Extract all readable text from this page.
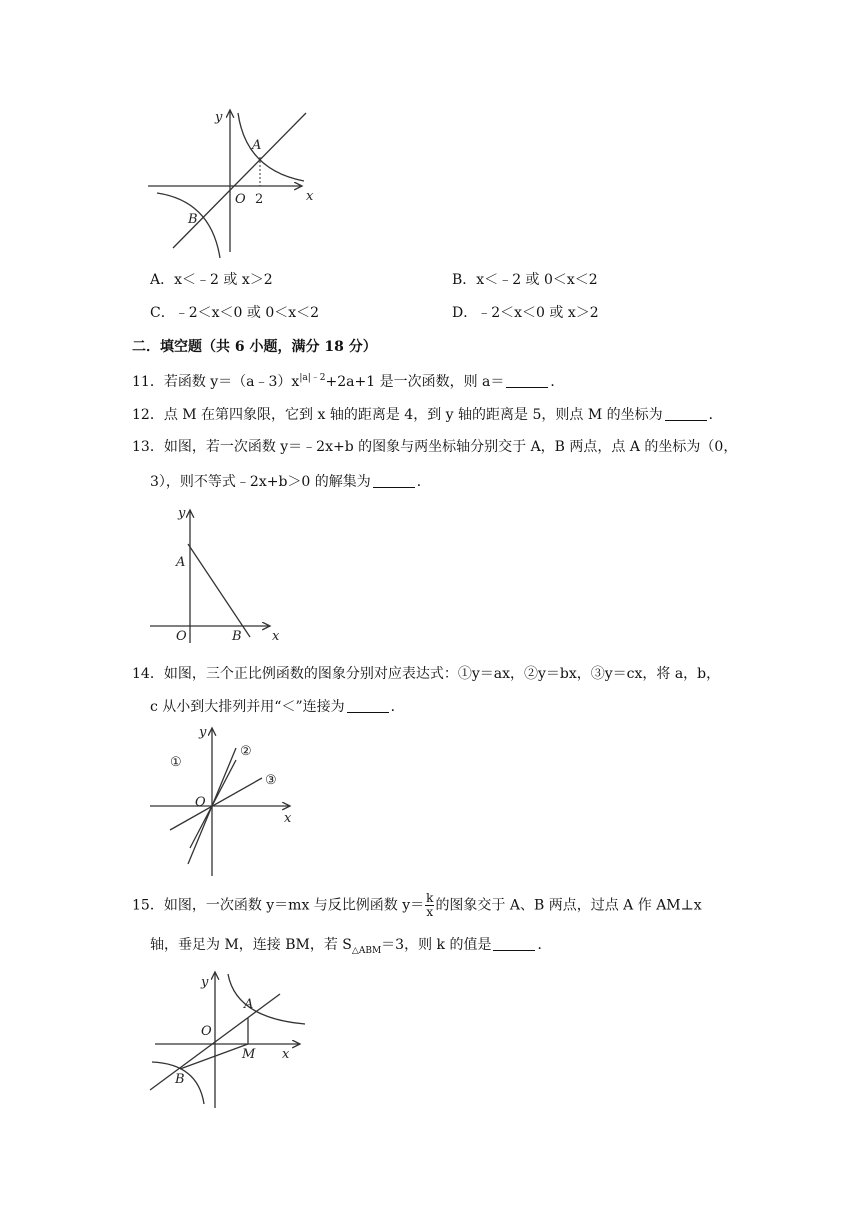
y
x
A
B
O 2
y
x
A
B
O
y
x
O
①
②
③
y
x
A
B
M
O
A．x＜﹣2 或 x＞2	B．x＜﹣2 或 0＜x＜2
C．﹣2＜x＜0 或 0＜x＜2	D．﹣2＜x＜0 或 x＞2
二．填空题（共 6 小题，满分 18 分）
11．若函数 $y=(a﹣3)x^{|a|﹣2}+2a+1$ 是一次函数，则 a＝	．
12．点 M 在第四象限，它到 x 轴的距离是 4，到 y 轴的距离是 5，则点 M 的坐标为	．
13．如图，若一次函数 y＝﹣2x+b 的图象与两坐标轴分别交于 A，B 两点，点 A 的坐标为（0，
3），则不等式﹣2x+b＞0 的解集为	．
14．如图，三个正比例函数的图象分别对应表达式：①y＝ax，②y＝bx，③y＝cx，将 a，b，
c 从小到大排列并用“＜”连接为	．
15．如图，一次函数 y＝mx 与反比例函数 $y= \frac{k}{x}$ 的图象交于 A、B 两点，过点 A 作 AM⊥x
轴，垂足为 M，连接 BM，若 $S_{\triangle ABM}=3$，则 k 的值是	．
